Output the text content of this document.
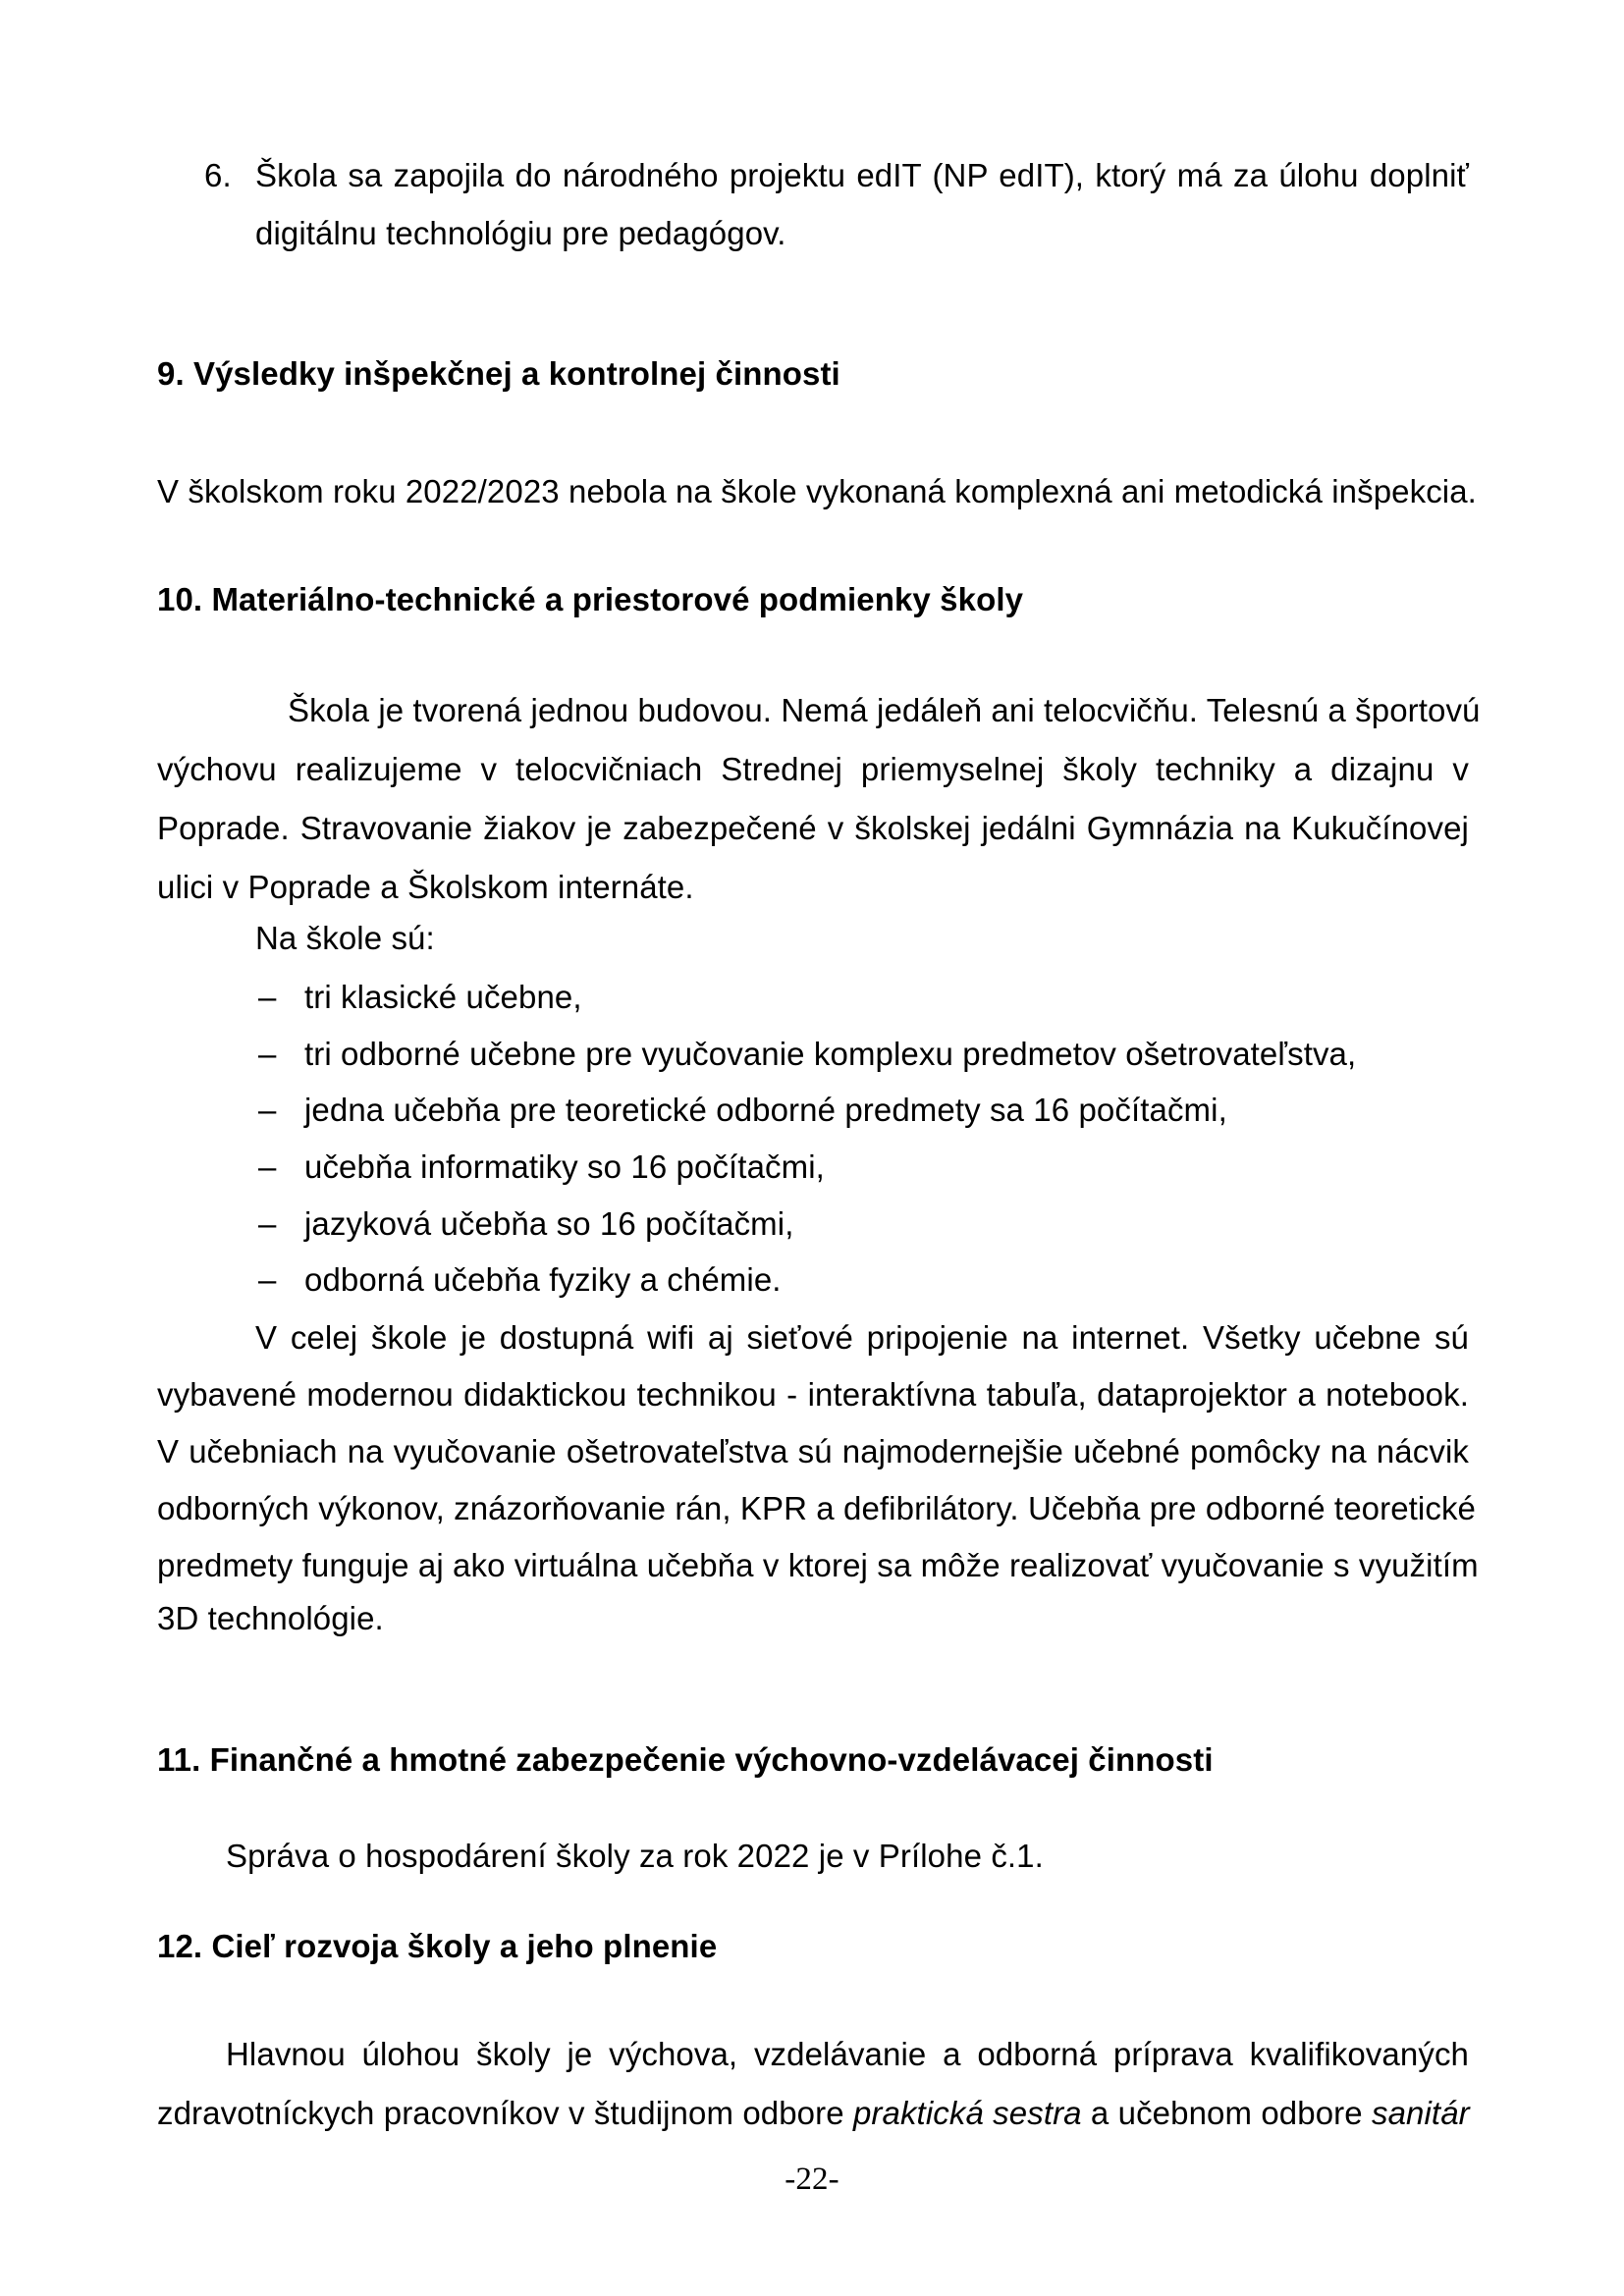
6. Škola sa zapojila do národného projektu edIT (NP edIT), ktorý má za úlohu doplniť
digitálnu technológiu pre pedagógov.
9. Výsledky inšpekčnej a kontrolnej činnosti
V školskom roku 2022/2023 nebola na škole vykonaná komplexná ani metodická inšpekcia.
10. Materiálno-technické a priestorové podmienky školy
Škola je tvorená jednou budovou. Nemá jedáleň ani telocvičňu. Telesnú a športovú
výchovu realizujeme v telocvičniach Strednej priemyselnej školy techniky a dizajnu v
Poprade. Stravovanie žiakov je zabezpečené v školskej jedálni Gymnázia na Kukučínovej
ulici v Poprade a Školskom internáte.
Na škole sú:
– tri klasické učebne,
– tri odborné učebne pre vyučovanie komplexu predmetov ošetrovateľstva,
– jedna učebňa pre teoretické odborné predmety sa 16 počítačmi,
– učebňa informatiky so 16 počítačmi,
– jazyková učebňa so 16 počítačmi,
– odborná učebňa fyziky a chémie.
V celej škole je dostupná wifi aj sieťové pripojenie na internet. Všetky učebne sú
vybavené modernou didaktickou technikou - interaktívna tabuľa, dataprojektor a notebook.
V učebniach na vyučovanie ošetrovateľstva sú najmodernejšie učebné pomôcky na nácvik
odborných výkonov, znázorňovanie rán, KPR a defibrilátory. Učebňa pre odborné teoretické
predmety funguje aj ako virtuálna učebňa v ktorej sa môže realizovať vyučovanie s využitím
3D technológie.
11. Finančné a hmotné zabezpečenie výchovno-vzdelávacej činnosti
Správa o hospodárení školy za rok 2022 je v Prílohe č.1.
12. Cieľ rozvoja školy a jeho plnenie
Hlavnou úlohou školy je výchova, vzdelávanie a odborná príprava kvalifikovaných
zdravotníckych pracovníkov v študijnom odbore praktická sestra a učebnom odbore sanitár
-22-
